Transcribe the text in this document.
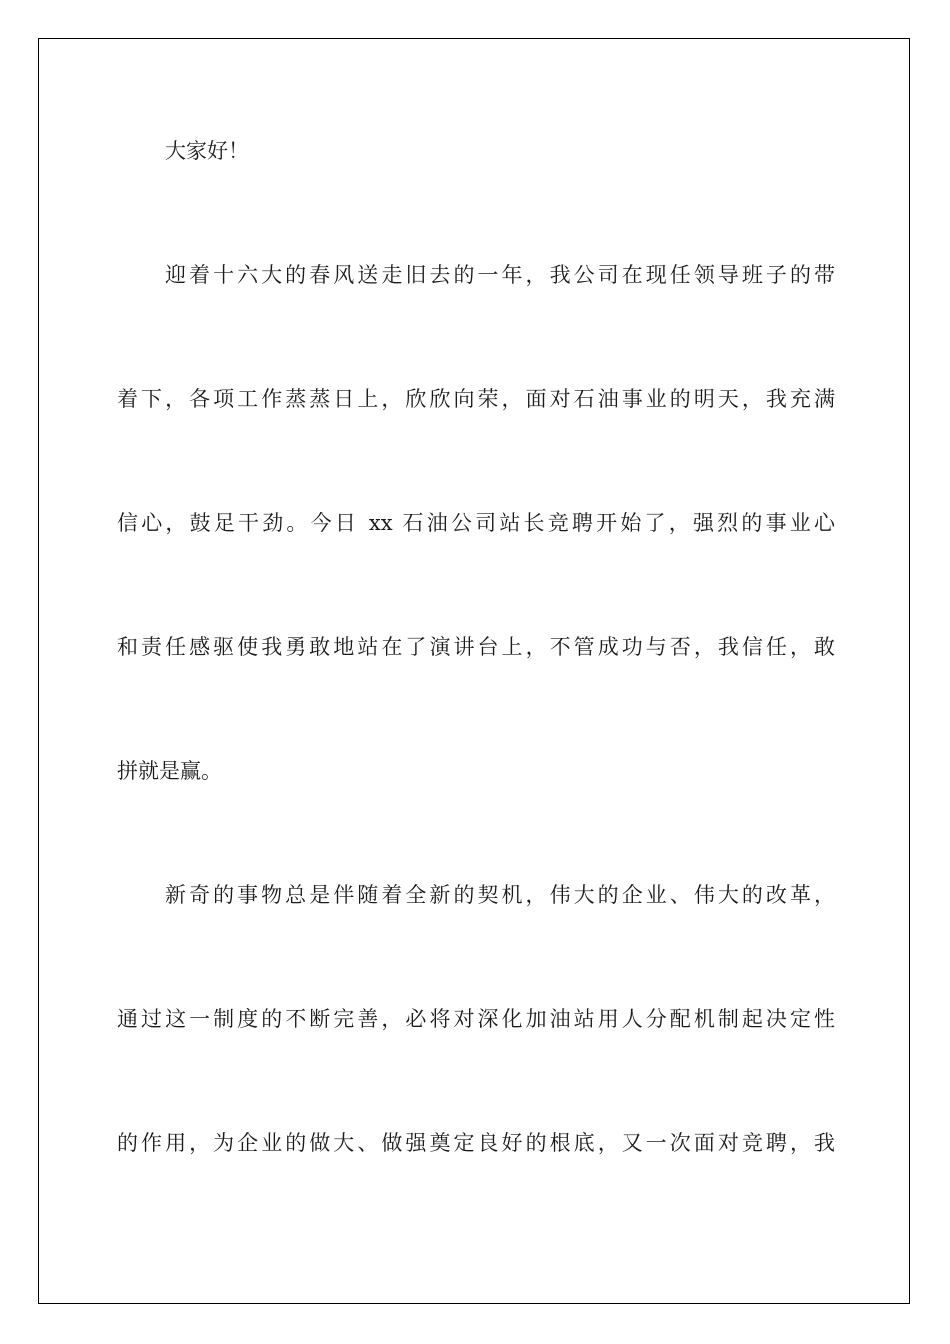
大家好！

迎着十六大的春风送走旧去的一年，我公司在现任领导班子的带

着下，各项工作蒸蒸日上，欣欣向荣，面对石油事业的明天，我充满

信心，鼓足干劲。今日 xx 石油公司站长竞聘开始了，强烈的事业心

和责任感驱使我勇敢地站在了演讲台上，不管成功与否，我信任，敢

拼就是赢。

新奇的事物总是伴随着全新的契机，伟大的企业、伟大的改革，

通过这一制度的不断完善，必将对深化加油站用人分配机制起决定性

的作用，为企业的做大、做强奠定良好的根底，又一次面对竞聘，我
